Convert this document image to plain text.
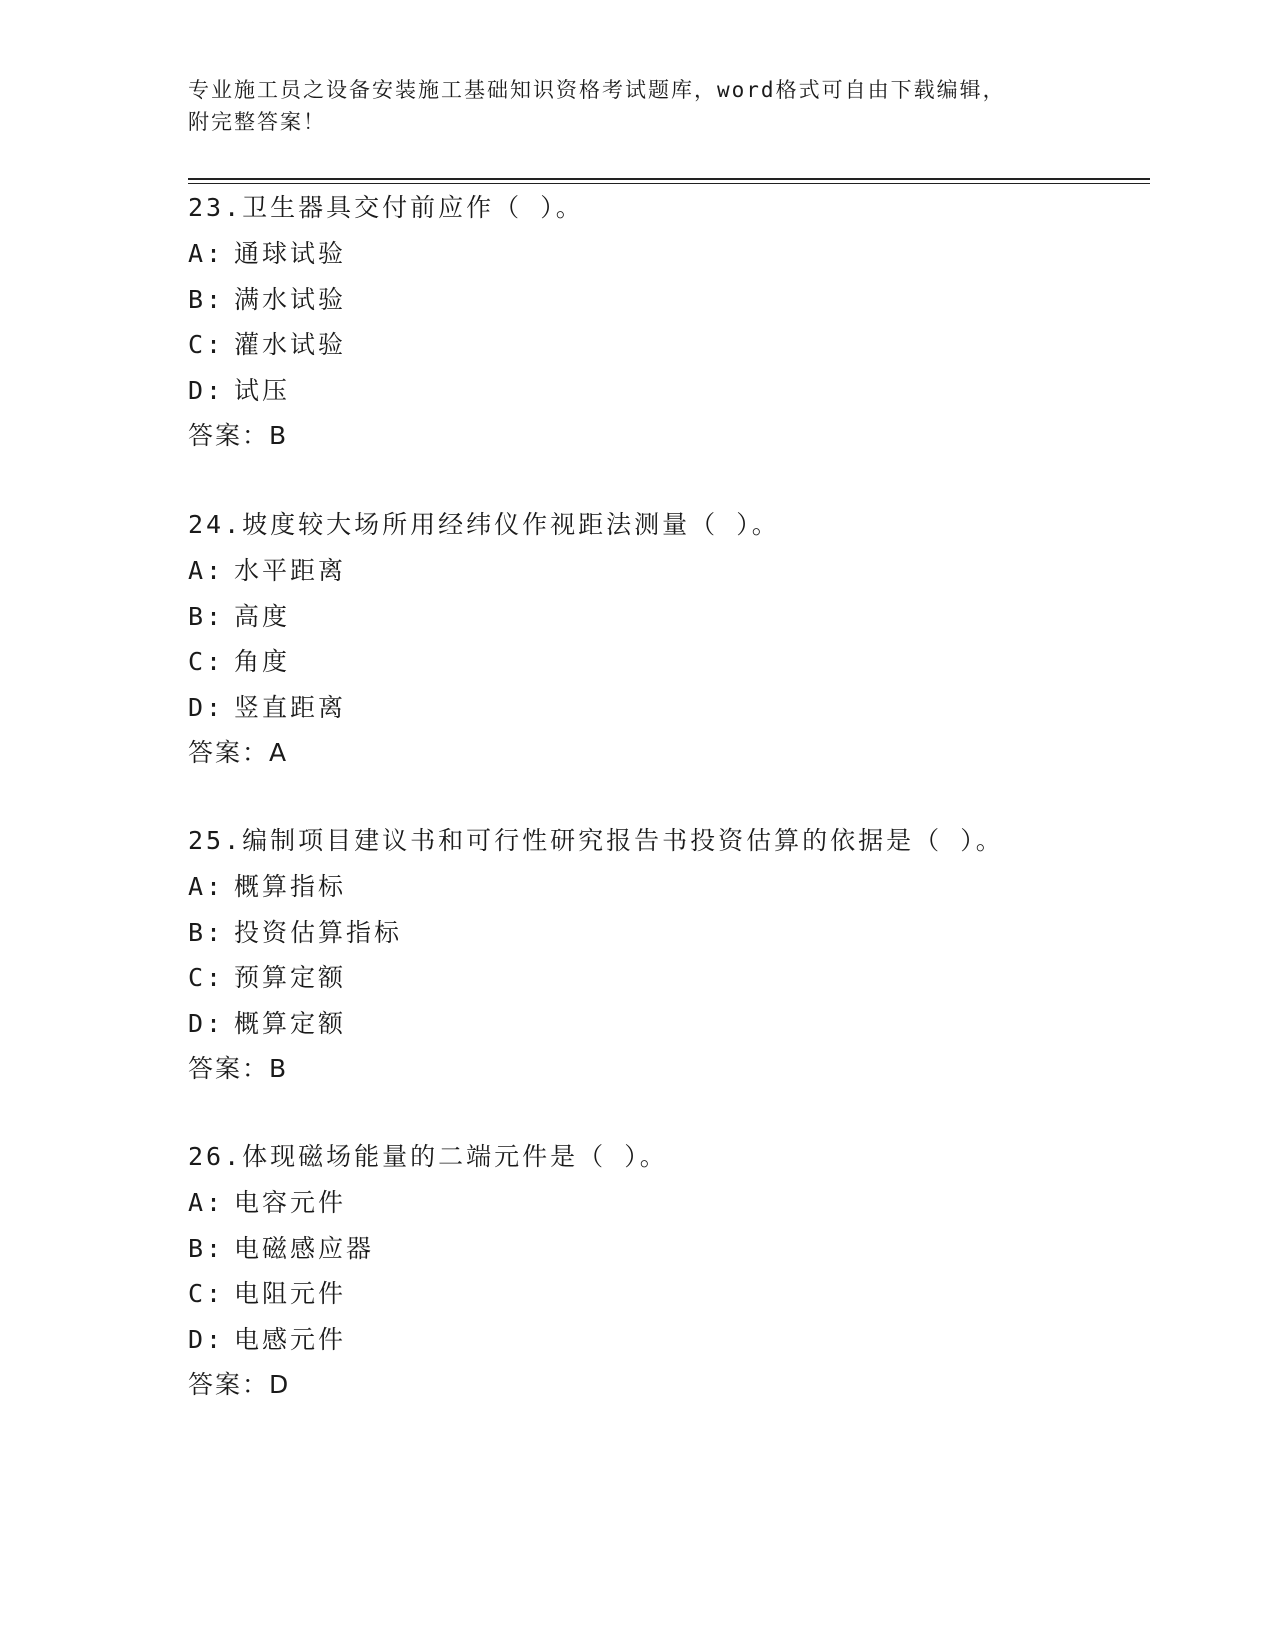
专业施工员之设备安装施工基础知识资格考试题库，word格式可自由下载编辑，
附完整答案！
23.卫生器具交付前应作（ ）。
A: 通球试验
B: 满水试验
C: 灌水试验
D: 试压
答案：B
24.坡度较大场所用经纬仪作视距法测量（ ）。
A: 水平距离
B: 高度
C: 角度
D: 竖直距离
答案：A
25.编制项目建议书和可行性研究报告书投资估算的依据是（ ）。
A: 概算指标
B: 投资估算指标
C: 预算定额
D: 概算定额
答案：B
26.体现磁场能量的二端元件是（ ）。
A: 电容元件
B: 电磁感应器
C: 电阻元件
D: 电感元件
答案：D
